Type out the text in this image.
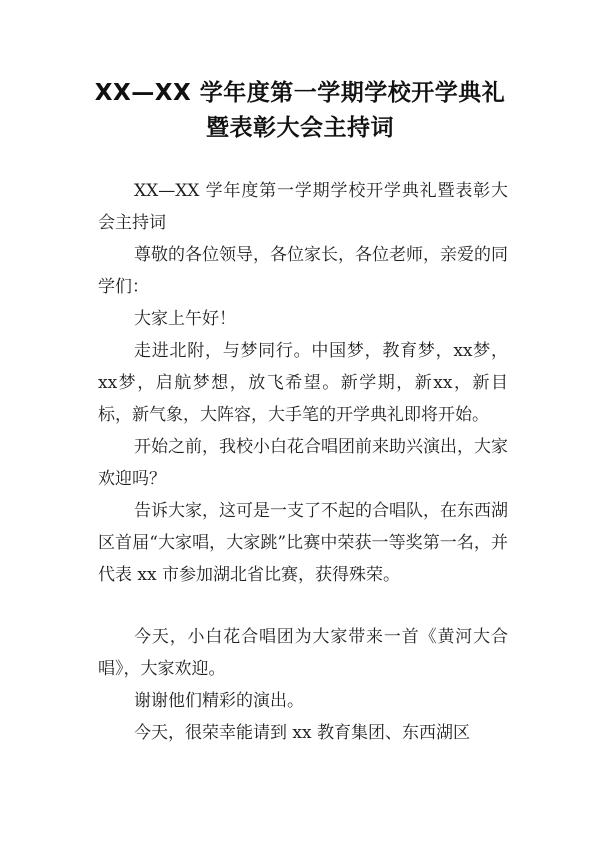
XX—XX 学年度第一学期学校开学典礼
暨表彰大会主持词

XX—XX 学年度第一学期学校开学典礼暨表彰大会主持词

尊敬的各位领导，各位家长，各位老师，亲爱的同学们：

大家上午好！

走进北附，与梦同行。中国梦，教育梦，xx梦，xx梦，启航梦想，放飞希望。新学期，新xx，新目标，新气象，大阵容，大手笔的开学典礼即将开始。

开始之前，我校小白花合唱团前来助兴演出，大家欢迎吗？

告诉大家，这可是一支了不起的合唱队，在东西湖区首届“大家唱，大家跳”比赛中荣获一等奖第一名，并代表 xx 市参加湖北省比赛，获得殊荣。

今天，小白花合唱团为大家带来一首《黄河大合唱》，大家欢迎。

谢谢他们精彩的演出。

今天，很荣幸能请到 xx 教育集团、东西湖区
